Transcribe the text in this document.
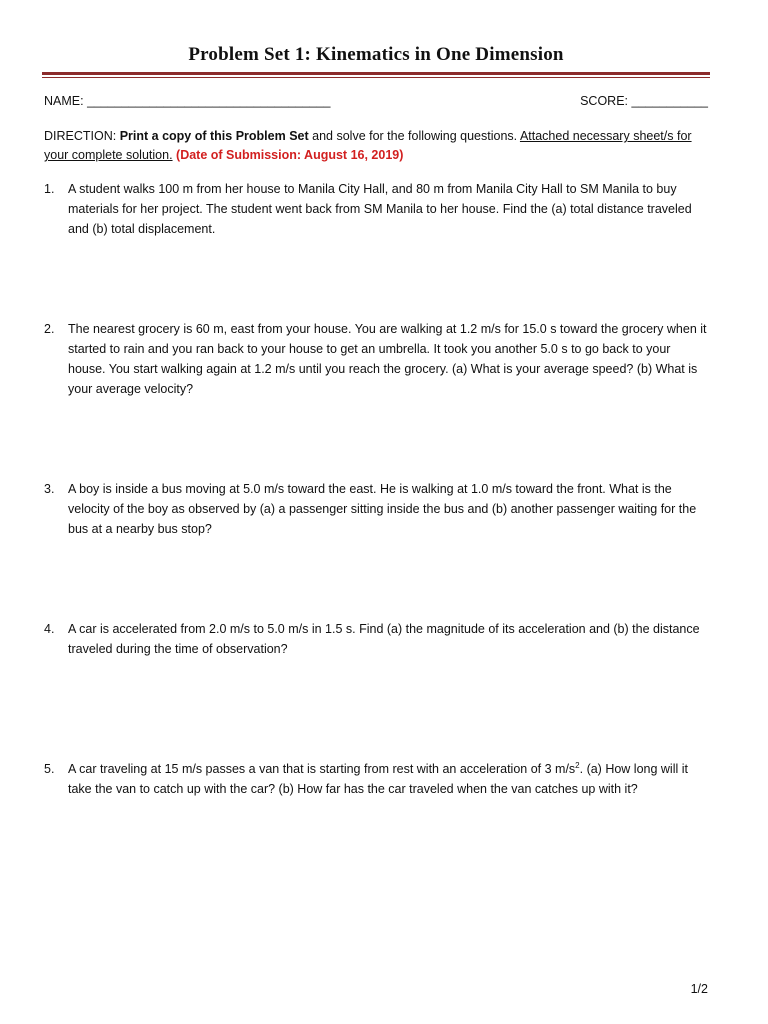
Problem Set 1: Kinematics in One Dimension
NAME: ___________________________________	SCORE: ___________
DIRECTION: Print a copy of this Problem Set and solve for the following questions. Attached necessary sheet/s for your complete solution. (Date of Submission: August 16, 2019)
1.	A student walks 100 m from her house to Manila City Hall, and 80 m from Manila City Hall to SM Manila to buy materials for her project. The student went back from SM Manila to her house. Find the (a) total distance traveled and (b) total displacement.
2.	The nearest grocery is 60 m, east from your house. You are walking at 1.2 m/s for 15.0 s toward the grocery when it started to rain and you ran back to your house to get an umbrella. It took you another 5.0 s to go back to your house. You start walking again at 1.2 m/s until you reach the grocery. (a) What is your average speed? (b) What is your average velocity?
3.	A boy is inside a bus moving at 5.0 m/s toward the east. He is walking at 1.0 m/s toward the front. What is the velocity of the boy as observed by (a) a passenger sitting inside the bus and (b) another passenger waiting for the bus at a nearby bus stop?
4.	A car is accelerated from 2.0 m/s to 5.0 m/s in 1.5 s. Find (a) the magnitude of its acceleration and (b) the distance traveled during the time of observation?
5.	A car traveling at 15 m/s passes a van that is starting from rest with an acceleration of 3 $m/s^2$. (a) How long will it take the van to catch up with the car? (b) How far has the car traveled when the van catches up with it?
1/2
